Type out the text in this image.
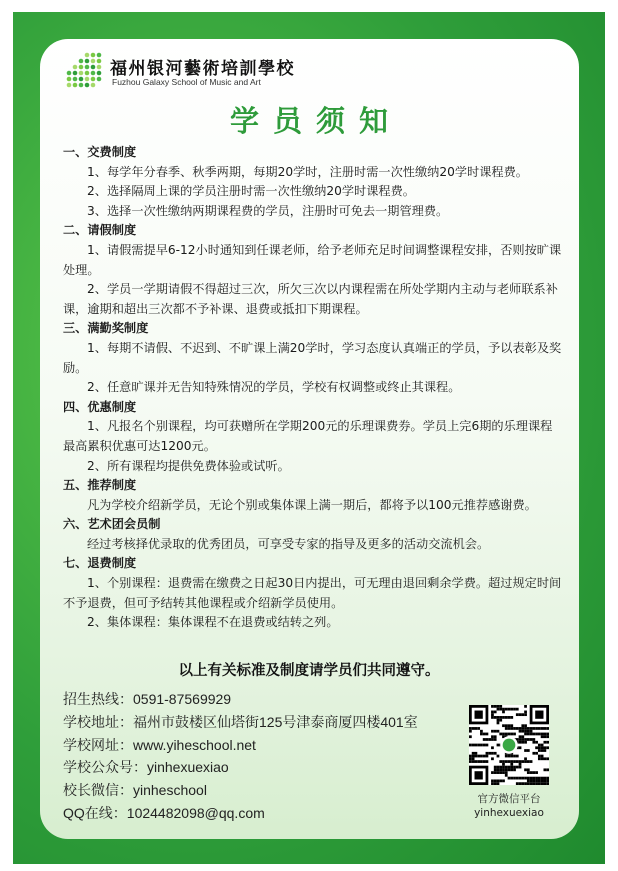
福州银河藝術培訓學校
Fuzhou Galaxy School of Music and Art
学员须知
一、交费制度
1、每学年分春季、秋季两期，每期20学时，注册时需一次性缴纳20学时课程费。
2、选择隔周上课的学员注册时需一次性缴纳20学时课程费。
3、选择一次性缴纳两期课程费的学员，注册时可免去一期管理费。
二、请假制度
1、请假需提早6-12小时通知到任课老师，给予老师充足时间调整课程安排，否则按旷课处理。
2、学员一学期请假不得超过三次，所欠三次以内课程需在所处学期内主动与老师联系补课，逾期和超出三次都不予补课、退费或抵扣下期课程。
三、满勤奖制度
1、每期不请假、不迟到、不旷课上满20学时，学习态度认真端正的学员，予以表彰及奖励。
2、任意旷课并无告知特殊情况的学员，学校有权调整或终止其课程。
四、优惠制度
1、凡报名个别课程，均可获赠所在学期200元的乐理课费券。学员上完6期的乐理课程最高累积优惠可达1200元。
2、所有课程均提供免费体验或试听。
五、推荐制度
凡为学校介绍新学员，无论个别或集体课上满一期后，都将予以100元推荐感谢费。
六、艺术团会员制
经过考核择优录取的优秀团员，可享受专家的指导及更多的活动交流机会。
七、退费制度
1、个别课程：退费需在缴费之日起30日内提出，可无理由退回剩余学费。超过规定时间不予退费，但可予结转其他课程或介绍新学员使用。
2、集体课程：集体课程不在退费或结转之列。
以上有关标准及制度请学员们共同遵守。
招生热线：0591-87569929
学校地址：福州市鼓楼区仙塔街125号津泰商厦四楼401室
学校网址：www.yiheschool.net
学校公众号：yinhexuexiao
校长微信：yinheschool
QQ在线：1024482098@qq.com
官方微信平台
yinhexuexiao
